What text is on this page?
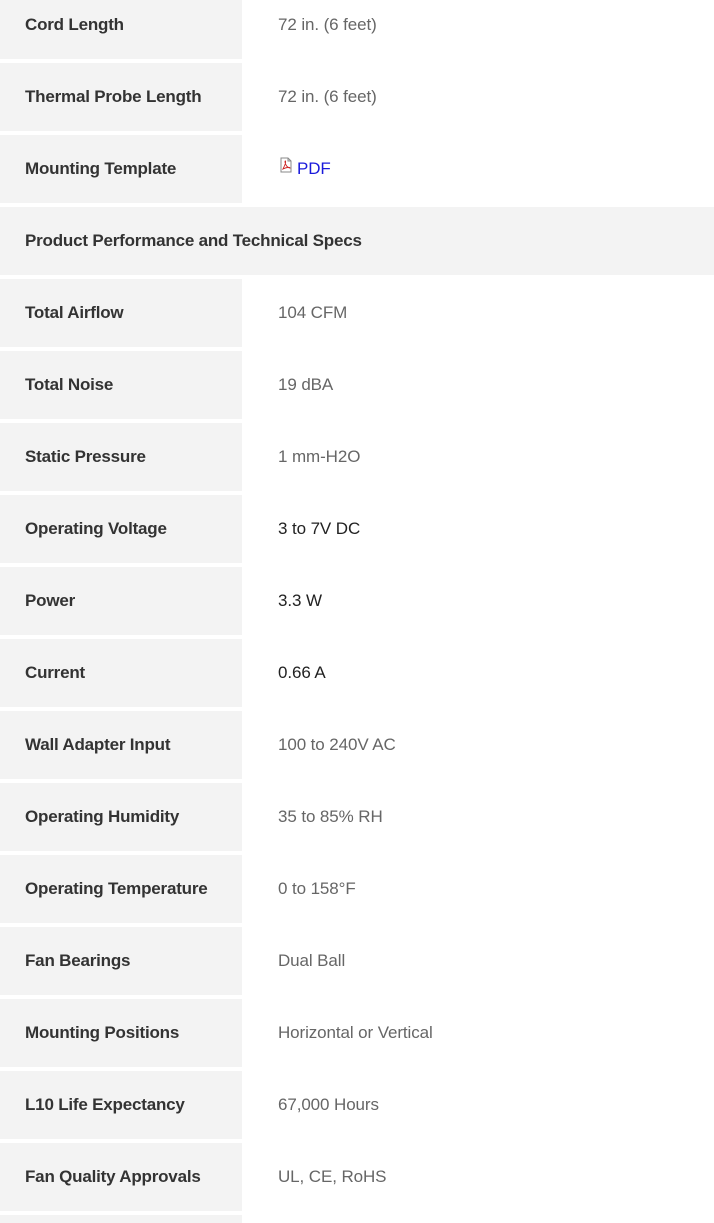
Cord Length	72 in. (6 feet)
Thermal Probe Length	72 in. (6 feet)
Mounting Template	PDF
Product Performance and Technical Specs
Total Airflow	104 CFM
Total Noise	19 dBA
Static Pressure	1 mm-H2O
Operating Voltage	3 to 7V DC
Power	3.3 W
Current	0.66 A
Wall Adapter Input	100 to 240V AC
Operating Humidity	35 to 85% RH
Operating Temperature	0 to 158°F
Fan Bearings	Dual Ball
Mounting Positions	Horizontal or Vertical
L10 Life Expectancy	67,000 Hours
Fan Quality Approvals	UL, CE, RoHS
